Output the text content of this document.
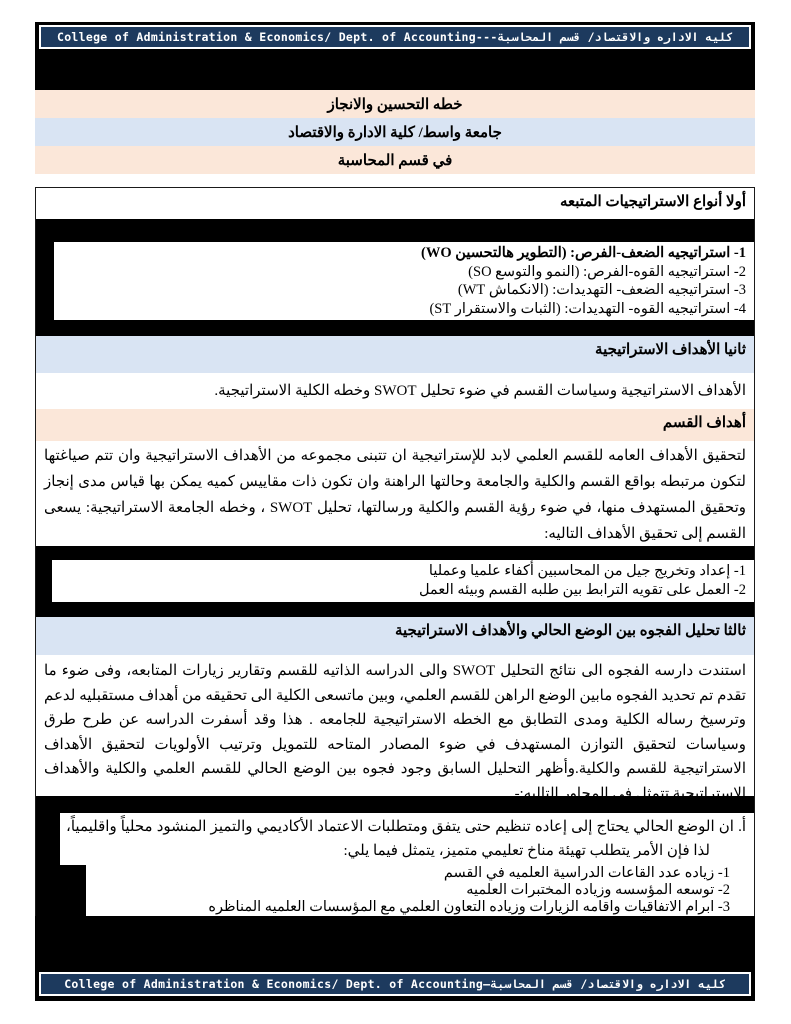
College of Administration & Economics/ Dept. of Accounting---كليه الاداره والاقتصاد/ قسم المحاسبة
خطه التحسين والانجاز
جامعة واسط/ كلية الادارة والاقتصاد
في قسم المحاسبة
أولا أنواع الاستراتيجيات المتبعه
1- استراتيجيه الضعف-الفرص: (التطوير هالتحسين WO)
2- استراتيجيه القوه-الفرص: (النمو والتوسع SO)
3- استراتيجيه الضعف- التهديدات: (الانكماش WT)
4- استراتيجيه القوه- التهديدات: (الثبات والاستقرار ST)
ثانيا الأهداف الاستراتيجية
الأهداف الاستراتيجية وسياسات القسم في ضوء تحليل SWOT وخطه الكلية الاستراتيجية.
أهداف القسم
لتحقيق الأهداف العامه للقسم العلمي لابد للإستراتيجية ان تتبنى مجموعه من الأهداف الاستراتيجية وان تتم صياغتها لتكون مرتبطه بواقع القسم والكلية والجامعة وحالتها الراهنة وان تكون ذات مقاييس كميه يمكن بها قياس مدى إنجاز وتحقيق المستهدف منها، في ضوء رؤية القسم والكلية ورسالتها، تحليل SWOT ، وخطه الجامعة الاستراتيجية: يسعى القسم إلى تحقيق الأهداف التاليه:
1- إعداد وتخريج جيل من المحاسبين أكفاء علميا وعمليا
2- العمل على تقويه الترابط بين طلبه القسم وبيئه العمل
ثالثا تحليل الفجوه بين الوضع الحالي والأهداف الاستراتيجية
استندت دارسه الفجوه الى نتائج التحليل SWOT والى الدراسه الذاتيه للقسم وتقارير زيارات المتابعه، وفى ضوء ما تقدم تم تحديد الفجوه مابين الوضع الراهن للقسم العلمي، وبين ماتسعى الكلية الى تحقيقه من أهداف مستقبليه لدعم وترسيخ رساله الكلية ومدى التطابق مع الخطه الاستراتيجية للجامعه . هذا وقد أسفرت الدراسه عن طرح طرق وسياسات لتحقيق التوازن المستهدف في ضوء المصادر المتاحه للتمويل وترتيب الأولويات لتحقيق الأهداف الاستراتيجية للقسم والكلية.وأظهر التحليل السابق وجود فجوه بين الوضع الحالي للقسم العلمي والكلية والأهداف الاستراتيجية تتمثل في المحاور التاليه:-
أ. ان الوضع الحالي يحتاج إلى إعاده تنظيم حتى يتفق ومتطلبات الاعتماد الأكاديمي والتميز المنشود محلياً واقليمياً، لذا فإن الأمر يتطلب تهيئة مناخ تعليمي متميز، يتمثل فيما يلي:
1- زياده عدد القاعات الدراسية العلميه في القسم
2- توسعه المؤسسه وزياده المختبرات العلميه
3- ابرام الاتفاقيات واقامه الزيارات وزياده التعاون العلمي مع المؤسسات العلميه المناظره
College of Administration & Economics/ Dept. of Accounting–كليه الاداره والاقتصاد/ قسم المحاسبة
